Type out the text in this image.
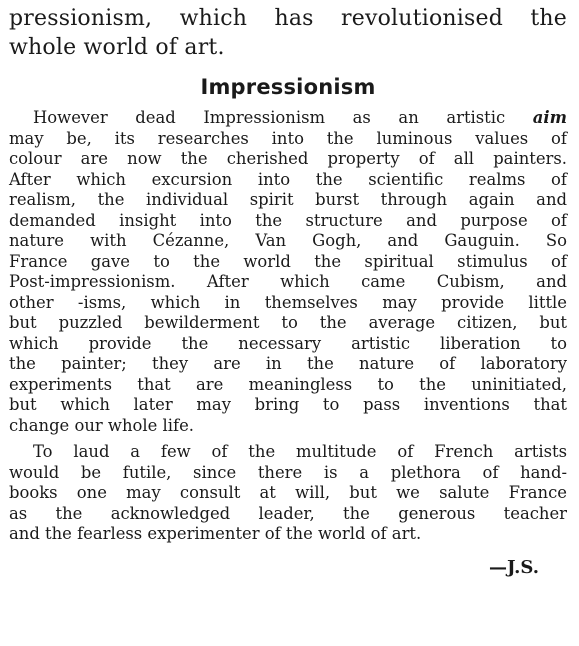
pressionism, which has revolutionised the
whole world of art.

Impressionism

However dead Impressionism as an artistic aim
may be, its researches into the luminous values of
colour are now the cherished property of all painters.
After which excursion into the scientific realms of
realism, the individual spirit burst through again and
demanded insight into the structure and purpose of
nature with Cézanne, Van Gogh, and Gauguin. So
France gave to the world the spiritual stimulus of
Post-impressionism. After which came Cubism, and
other -isms, which in themselves may provide little
but puzzled bewilderment to the average citizen, but
which provide the necessary artistic liberation to
the painter; they are in the nature of laboratory
experiments that are meaningless to the uninitiated,
but which later may bring to pass inventions that
change our whole life.

To laud a few of the multitude of French artists
would be futile, since there is a plethora of hand-
books one may consult at will, but we salute France
as the acknowledged leader, the generous teacher
and the fearless experimenter of the world of art.

—J.S.
